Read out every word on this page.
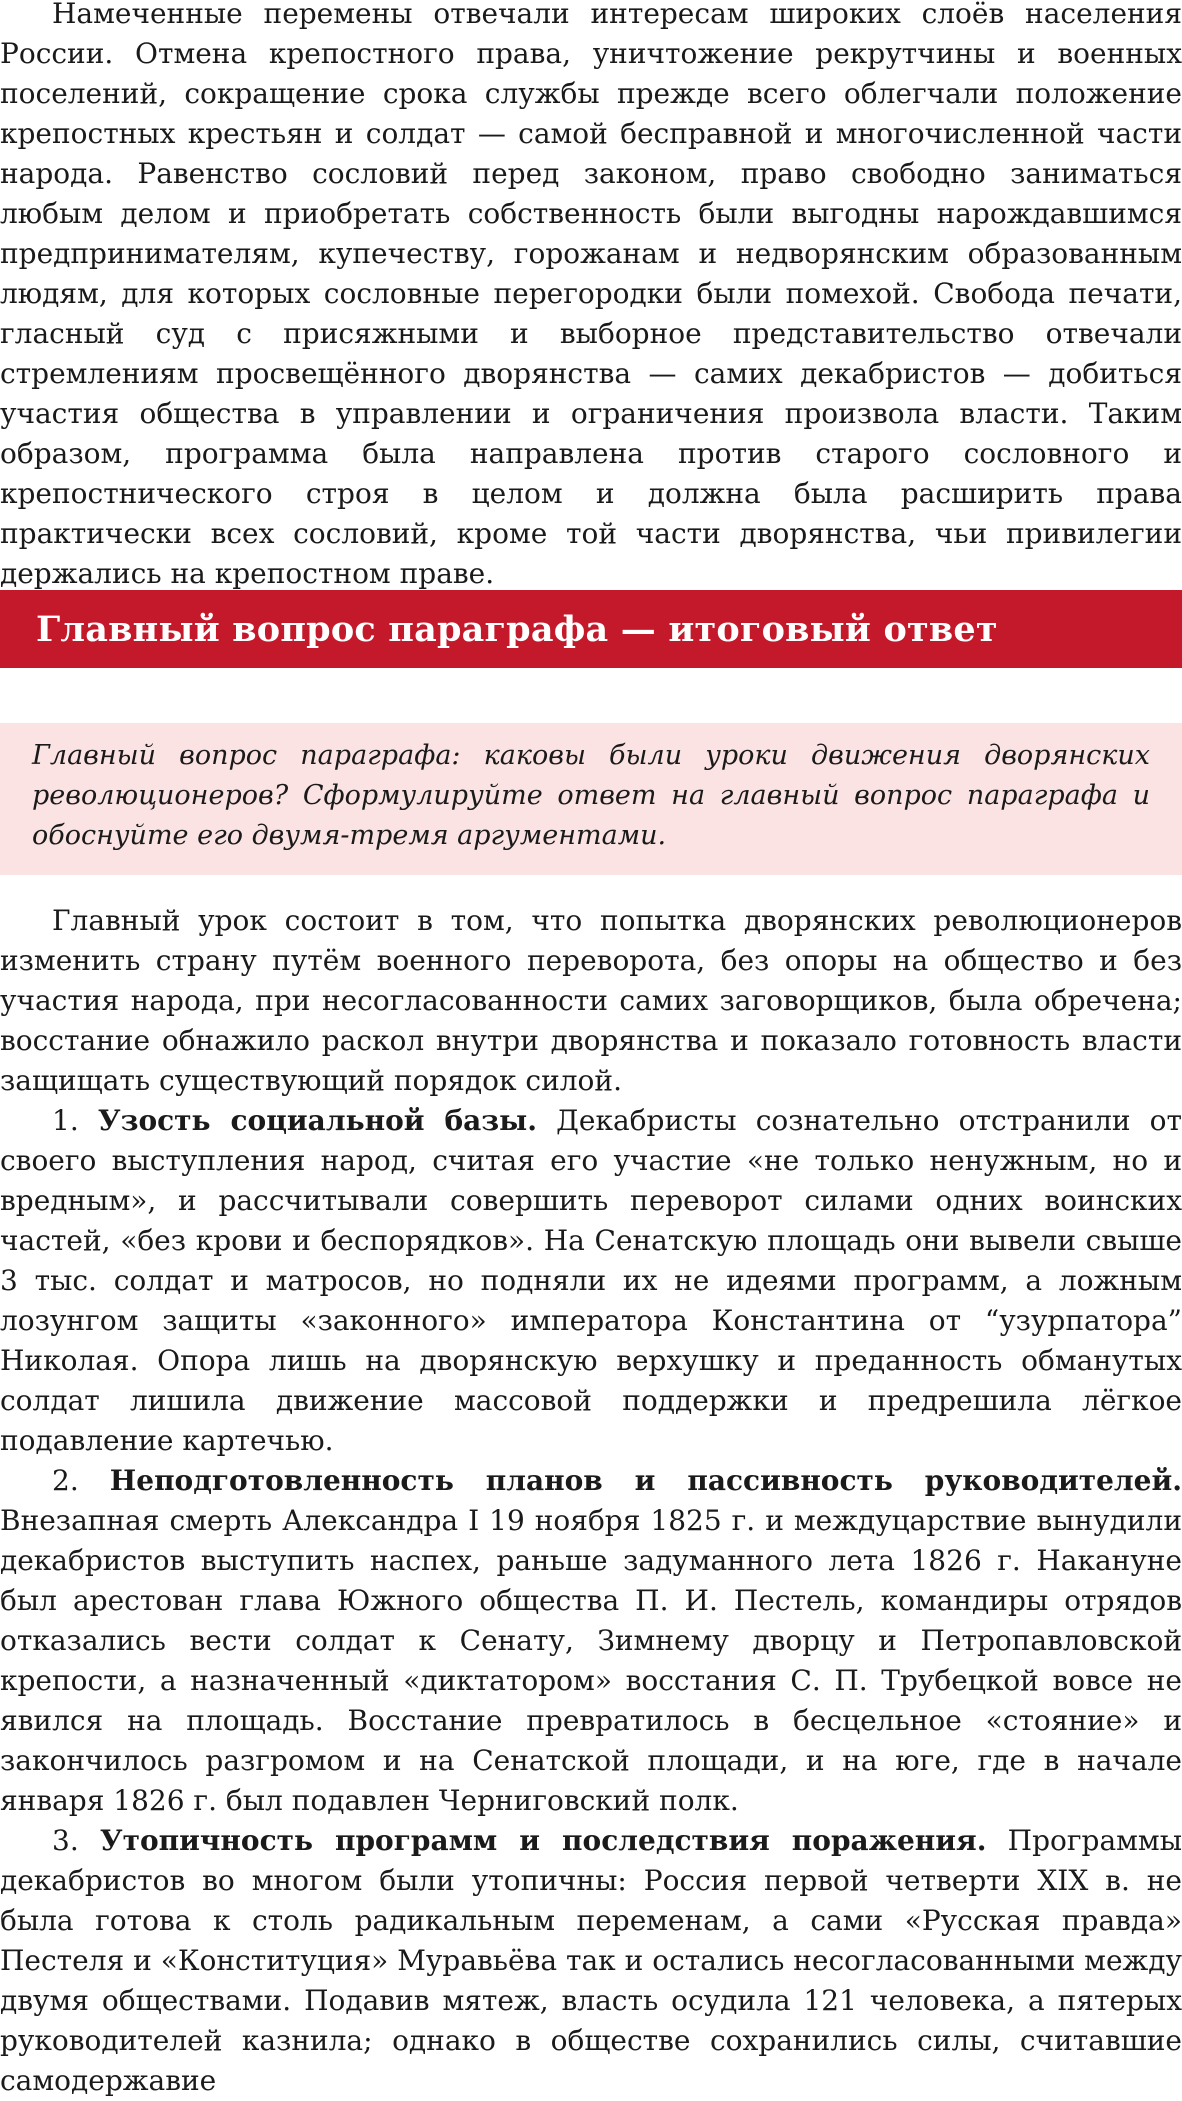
Намеченные перемены отвечали интересам широких слоёв населения России. Отмена крепостного права, уничтожение рекрутчины и военных поселений, сокращение срока службы прежде всего облегчали положение крепостных крестьян и солдат — самой бесправной и многочисленной части народа. Равенство сословий перед законом, право свободно заниматься любым делом и приобретать собственность были выгодны нарождавшимся предпринимателям, купечеству, горожанам и недворянским образованным людям, для которых сословные перегородки были помехой. Свобода печати, гласный суд с присяжными и выборное представительство отвечали стремлениям просвещённого дворянства — самих декабристов — добиться участия общества в управлении и ограничения произвола власти. Таким образом, программа была направлена против старого сословного и крепостнического строя в целом и должна была расширить права практически всех сословий, кроме той части дворянства, чьи привилегии держались на крепостном праве.

Главный вопрос параграфа — итоговый ответ

Главный вопрос параграфа: каковы были уроки движения дворянских революционеров? Сформулируйте ответ на главный вопрос параграфа и обоснуйте его двумя-тремя аргументами.

Главный урок состоит в том, что попытка дворянских революционеров изменить страну путём военного переворота, без опоры на общество и без участия народа, при несогласованности самих заговорщиков, была обречена; восстание обнажило раскол внутри дворянства и показало готовность власти защищать существующий порядок силой.

1. Узость социальной базы. Декабристы сознательно отстранили от своего выступления народ, считая его участие «не только ненужным, но и вредным», и рассчитывали совершить переворот силами одних воинских частей, «без крови и беспорядков». На Сенатскую площадь они вывели свыше 3 тыс. солдат и матросов, но подняли их не идеями программ, а ложным лозунгом защиты «законного» императора Константина от “узурпатора” Николая. Опора лишь на дворянскую верхушку и преданность обманутых солдат лишила движение массовой поддержки и предрешила лёгкое подавление картечью.

2. Неподготовленность планов и пассивность руководителей. Внезапная смерть Александра I 19 ноября 1825 г. и междуцарствие вынудили декабристов выступить наспех, раньше задуманного лета 1826 г. Накануне был арестован глава Южного общества П. И. Пестель, командиры отрядов отказались вести солдат к Сенату, Зимнему дворцу и Петропавловской крепости, а назначенный «диктатором» восстания С. П. Трубецкой вовсе не явился на площадь. Восстание превратилось в бесцельное «стояние» и закончилось разгромом и на Сенатской площади, и на юге, где в начале января 1826 г. был подавлен Черниговский полк.

3. Утопичность программ и последствия поражения. Программы декабристов во многом были утопичны: Россия первой четверти XIX в. не была готова к столь радикальным переменам, а сами «Русская правда» Пестеля и «Конституция» Муравьёва так и остались несогласованными между двумя обществами. Подавив мятеж, власть осудила 121 человека, а пятерых руководителей казнила; однако в обществе сохранились силы, считавшие самодержавие
